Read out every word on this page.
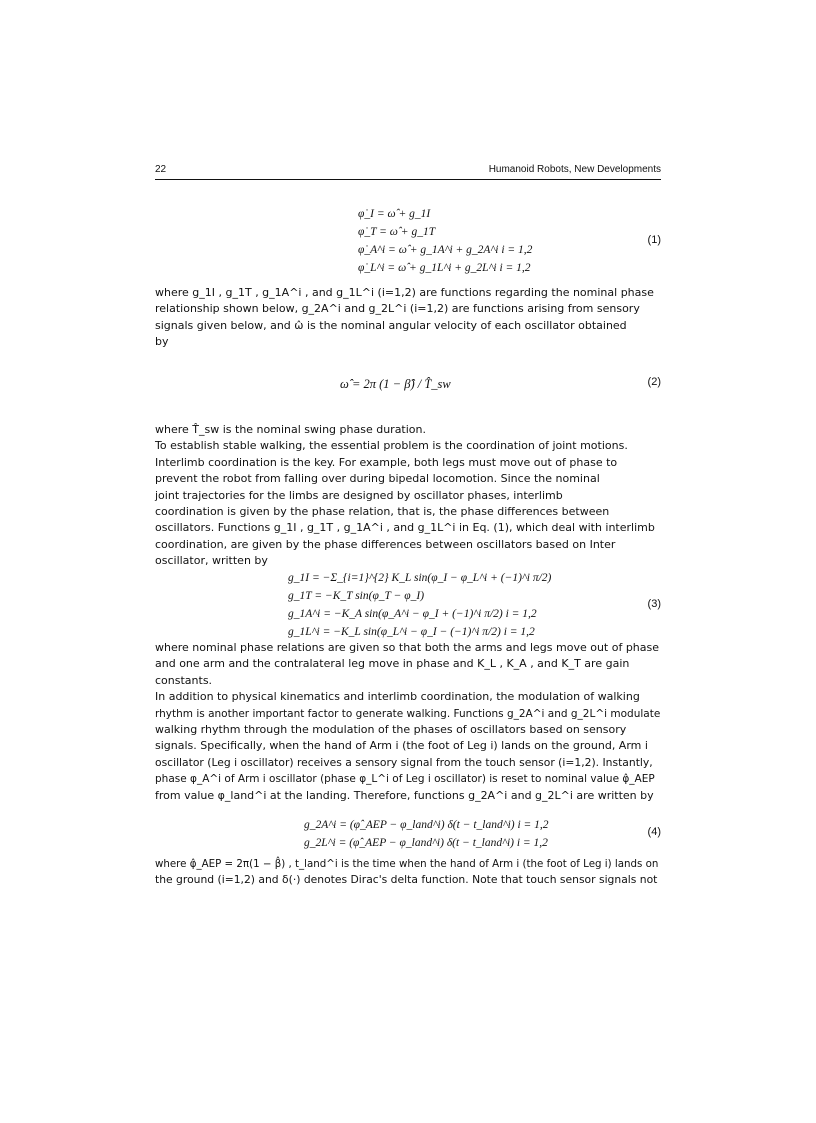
22	Humanoid Robots, New Developments
φ̇_I = ω̂ + g_1I
φ̇_T = ω̂ + g_1T
φ̇_A^i = ω̂ + g_1A^i + g_2A^i i = 1,2
φ̇_L^i = ω̂ + g_1L^i + g_2L^i i = 1,2
(1)
where g_1I , g_1T , g_1A^i , and g_1L^i (i=1,2) are functions regarding the nominal phase
relationship shown below, g_2A^i and g_2L^i (i=1,2) are functions arising from sensory
signals given below, and ω̂ is the nominal angular velocity of each oscillator obtained
by
ω̂ = 2π (1 − β̂) / T̂_sw	(2)
where T̂_sw is the nominal swing phase duration.
To establish stable walking, the essential problem is the coordination of joint motions.
Interlimb coordination is the key. For example, both legs must move out of phase to
prevent the robot from falling over during bipedal locomotion. Since the nominal
joint trajectories for the limbs are designed by oscillator phases, interlimb
coordination is given by the phase relation, that is, the phase differences between
oscillators. Functions g_1I , g_1T , g_1A^i , and g_1L^i in Eq. (1), which deal with interlimb
coordination, are given by the phase differences between oscillators based on Inter
oscillator, written by
g_1I = −Σ_{i=1}^{2} K_L sin(φ_I − φ_L^i + (−1)^i π/2)
g_1T = −K_T sin(φ_T − φ_I)
g_1A^i = −K_A sin(φ_A^i − φ_I + (−1)^i π/2) i = 1,2
g_1L^i = −K_L sin(φ_L^i − φ_I − (−1)^i π/2) i = 1,2
(3)
where nominal phase relations are given so that both the arms and legs move out of phase
and one arm and the contralateral leg move in phase and K_L , K_A , and K_T are gain
constants.
In addition to physical kinematics and interlimb coordination, the modulation of walking
rhythm is another important factor to generate walking. Functions g_2A^i and g_2L^i modulate
walking rhythm through the modulation of the phases of oscillators based on sensory
signals. Specifically, when the hand of Arm i (the foot of Leg i) lands on the ground, Arm i
oscillator (Leg i oscillator) receives a sensory signal from the touch sensor (i=1,2). Instantly,
phase φ_A^i of Arm i oscillator (phase φ_L^i of Leg i oscillator) is reset to nominal value φ̂_AEP
from value φ_land^i at the landing. Therefore, functions g_2A^i and g_2L^i are written by
g_2A^i = (φ̂_AEP − φ_land^i) δ(t − t_land^i) i = 1,2
g_2L^i = (φ̂_AEP − φ_land^i) δ(t − t_land^i) i = 1,2
(4)
where φ̂_AEP = 2π(1 − β̂) , t_land^i is the time when the hand of Arm i (the foot of Leg i) lands on
the ground (i=1,2) and δ(·) denotes Dirac's delta function. Note that touch sensor signals not
